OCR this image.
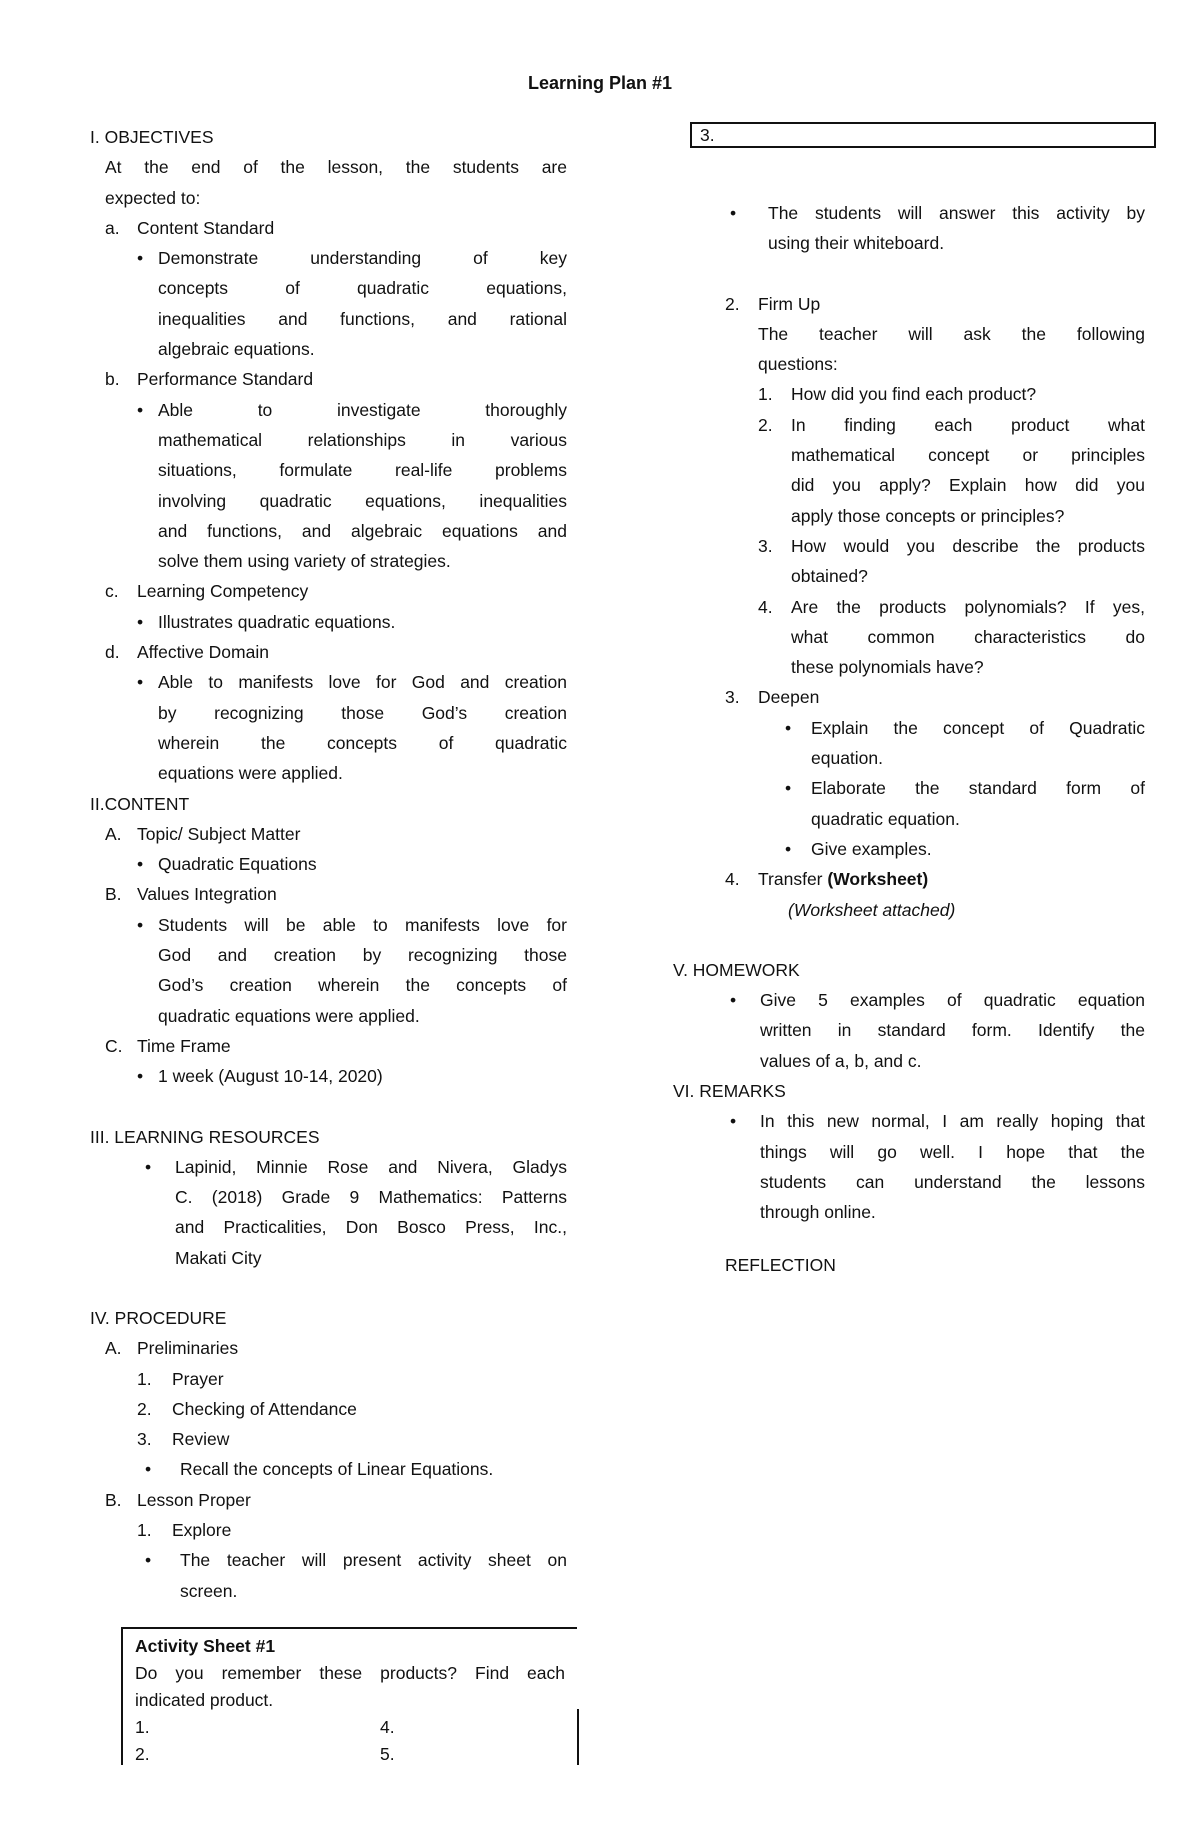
Learning Plan #1
I. OBJECTIVES
At the end of the lesson, the students are
expected to:
a. Content Standard
• Demonstrate understanding of key
concepts of quadratic equations,
inequalities and functions, and rational
algebraic equations.
b. Performance Standard
• Able to investigate thoroughly
mathematical relationships in various
situations, formulate real-life problems
involving quadratic equations, inequalities
and functions, and algebraic equations and
solve them using variety of strategies.
c.	Learning Competency
• Illustrates quadratic equations.
d. Affective Domain
• Able to manifests love for God and creation
by recognizing those God’s creation
wherein the concepts of quadratic
equations were applied.
II.CONTENT
A. Topic/ Subject Matter
• Quadratic Equations
B. Values Integration
• Students will be able to manifests love for
God and creation by recognizing those
God’s creation wherein the concepts of
quadratic equations were applied.
C. Time Frame
• 1 week (August 10-14, 2020)
III. LEARNING RESOURCES
•	Lapinid, Minnie Rose and Nivera, Gladys
C. (2018) Grade 9 Mathematics: Patterns
and Practicalities, Don Bosco Press, Inc.,
Makati City
IV. PROCEDURE
A. Preliminaries
1.	Prayer
2.	Checking of Attendance
3.	Review
•	Recall the concepts of Linear Equations.
B. Lesson Proper
1.	Explore
•	The teacher will present activity sheet on
screen.
Activity Sheet #1
Do you remember these products? Find each
indicated product.
1.	4.
2.	5.
3.
•	The students will answer this activity by
using their whiteboard.
2.	Firm Up
The teacher will ask the following
questions:
1.	How did you find each product?
2.	In finding each product what
mathematical concept or principles
did you apply? Explain how did you
apply those concepts or principles?
3.	How would you describe the products
obtained?
4.	Are the products polynomials? If yes,
what common characteristics do
these polynomials have?
3.	Deepen
•	Explain the concept of Quadratic
equation.
•	Elaborate the standard form of
quadratic equation.
•	Give examples.
4.	Transfer (Worksheet)
(Worksheet attached)
V. HOMEWORK
•	Give 5 examples of quadratic equation
written in standard form. Identify the
values of a, b, and c.
VI. REMARKS
•	In this new normal, I am really hoping that
things will go well. I hope that the
students can understand the lessons
through online.
REFLECTION
